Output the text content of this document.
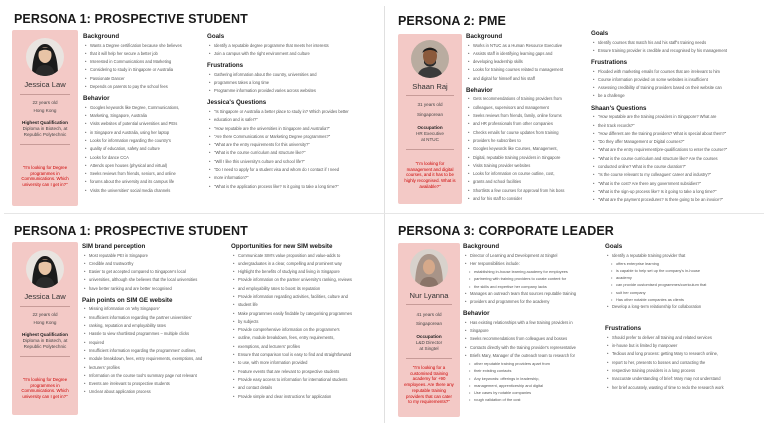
PERSONA 1: PROSPECTIVE STUDENT
Jessica Law
22 years old
Hong Kong
Highest Qualification
Diploma in Biotech, at
Republic Polytechnic
"I'm looking for Degree
programmes in
Communications. Which
university can I get in?"
Background
• Wants a Degree certification because she believes
• that it will help her secure a better job
• Interested in Communications and Marketing
• Considering to study in Singapore or Australia
• Passionate Dancer
• Depends on parents to pay the school fees
Behavior
• Googles keywords like Degree, Communications,
• Marketing, Singapore, Australia
• Visits websites of potential universities and PEIs
• in Singapore and Australia, using her laptop
• Looks for information regarding the country's
• quality of education, safety and culture
• Looks for dance CCA
• Attends open houses (physical and virtual)
• Seeks reviews from friends, seniors, and online
• forums about the university and its campus life
• Visits the universities' social media channels
Goals
• Identify a reputable degree programme that meets her interests
• Join a campus with the right environment and culture
Frustrations
• Gathering information about the country, universities and
• programmes takes a long time
• Programme information provided varies across websites
Jessica's Questions
• "Is Singapore or Australia a better place to study in? Which provides better
• education and is safer?"
• "How reputable are the universities in Singapore and Australia?"
• "Are there Communications or Marketing Degree programmes?"
• "What are the entry requirements for this university?"
• "What is the course curriculum and structure like?"
• "Will I like this university's culture and school life?"
• "Do I need to apply for a student visa and whom do I contact if I need
• more information?"
• "What is the application process like? Is it going to take a long time?"
PERSONA 2: PME
Shaan Raj
31 years old
Singaporean
Occupation
HR Executive
at NTUC
"I'm looking for
management and digital
courses, and it has to be
highly recognised. What is
available?"
Background
• Works in NTUC as a Human Resource Executive
• Assists staff in identifying learning gaps and
• developing leadership skills
• Looks for training courses related to management
• and digital for himself and his staff
Behavior
• Gets recommendations of training providers from
• colleagues, supervisors and management
• Seeks reviews from friends, family, online forums
• and HR professionals from other companies
• Checks emails for course updates from training
• providers he subscribes to
• Googles keywords like Courses, Management,
• Digital, reputable training providers in Singapore
• Visits training provider websites
• Looks for information on course outline, cost,
• grants and school facilities
• Shortlists a few courses for approval from his boss
• and for his staff to consider
Goals
• Identify courses that match his and his staff's training needs
• Ensure training provider is credible and recognised by his management
Frustrations
• Flooded with marketing emails for courses that are irrelevant to him
• Course information provided on some websites is insufficient
• Assessing credibility of training providers based on their website can
• be a challenge
Shaan's Questions
• "How reputable are the training providers in Singapore? What are
• their track records?"
• "How different are the training providers? What is special about them?"
• "Do they offer Management or Digital courses?"
• "What are the entry requirement/pre-qualifications to enter the course?"
• "What is the course curriculum and structure like? Are the courses
• conducted online? What is the course duration?"
• "Is the course relevant to my colleagues' career and industry?"
• "What is the cost? Are there any government subsidies?"
• "What is the sign-up process like? Is it going to take a long time?"
• "What are the payment procedures? Is there going to be an invoice?"
PERSONA 1: PROSPECTIVE STUDENT
Jessica Law
22 years old
Hong Kong
Highest Qualification
Diploma in Biotech, at
Republic Polytechnic
"I'm looking for Degree
programmes in
Communications. Which
university can I get in?"
SIM brand perception
• Most reputable PEI in Singapore
• Credible and trustworthy
• Easier to get accepted compared to Singapore's local
• universities, although she believes that the local universities
• have better ranking and are better recognised
Pain points on SIM GE website
• Missing information on 'why Singapore'
• Insufficient information regarding the partner universities'
• ranking, reputation and employability rates
• Hassle to view shortlisted programmes – multiple clicks
• required
• Insufficient information regarding the programmes' outlines,
• module breakdown, fees, entry requirements, exemptions, and
• lecturers' profiles
• Information on the course tool's summary page not relevant
• Events are irrelevant to prospective students
• Unclear about application process
Opportunities for new SIM website
• Communicate SIM's value proposition and value-adds to
• undergraduates in a clear, compelling and prominent way
• Highlight the benefits of studying and living in Singapore
• Provide information on the partner university's ranking, reviews
• and employability rates to boost its reputation
• Provide information regarding activities, facilities, culture and
• student life
• Make programmes easily findable by categorising programmes
• by subjects
• Provide comprehensive information on the programme's
• outline, module breakdown, fees, entry requirements,
• exemptions, and lecturers' profiles
• Ensure that comparison tool is easy to find and straightforward
• to use, with more information provided
• Feature events that are relevant to prospective students
• Provide easy access to information for international students
• and contact details
• Provide simple and clear instructions for application
PERSONA 3: CORPORATE LEADER
Nur Lyanna
41 years old
Singaporean
Occupation
L&D Director
at Singtel
"I'm looking for a
customised training
academy for +90
employees. Are there any
reputable training
providers that can cater
to my requirements?"
Background
• Director of Learning and Development at Singtel
• Her responsibilities include:
• establishing in-house learning academy for employees
• partnering with training providers to curate content for
• the skills and expertise her company lacks
• Manages an outreach team that sources reputable training
• providers and programmes for the academy
Behavior
• Has existing relationships with a few training providers in
• Singapore
• Seeks recommendations from colleagues and bosses
• Contacts directly with the training provider's representative
• Briefs Mary, Manager of the outreach team to research for
• other reputable training providers apart from
• their existing contacts
• Any keywords: offerings in leadership,
• management, apprenticeship and digital
• Use cases by notable companies
• rough validation of the cost
Goals
• Identify a reputable training provider that
• offers enterprise learning
• is capable to help set up the company's in-house
• academy
• can provide customised programmes/curriculum that
• suit her company
• Has other notable companies as clients
• Develop a long-term relationship for collaboration
Frustrations
• Should prefer to deliver all training and related services
• in-house but is limited by manpower
• Tedious and long process: getting Mary to research online,
• report to her, presents to bosses and contacting the
• respective training providers is a long process
• Inaccurate understanding of brief: Mary may not understand
• her brief accurately, wasting of time to redo the research work
